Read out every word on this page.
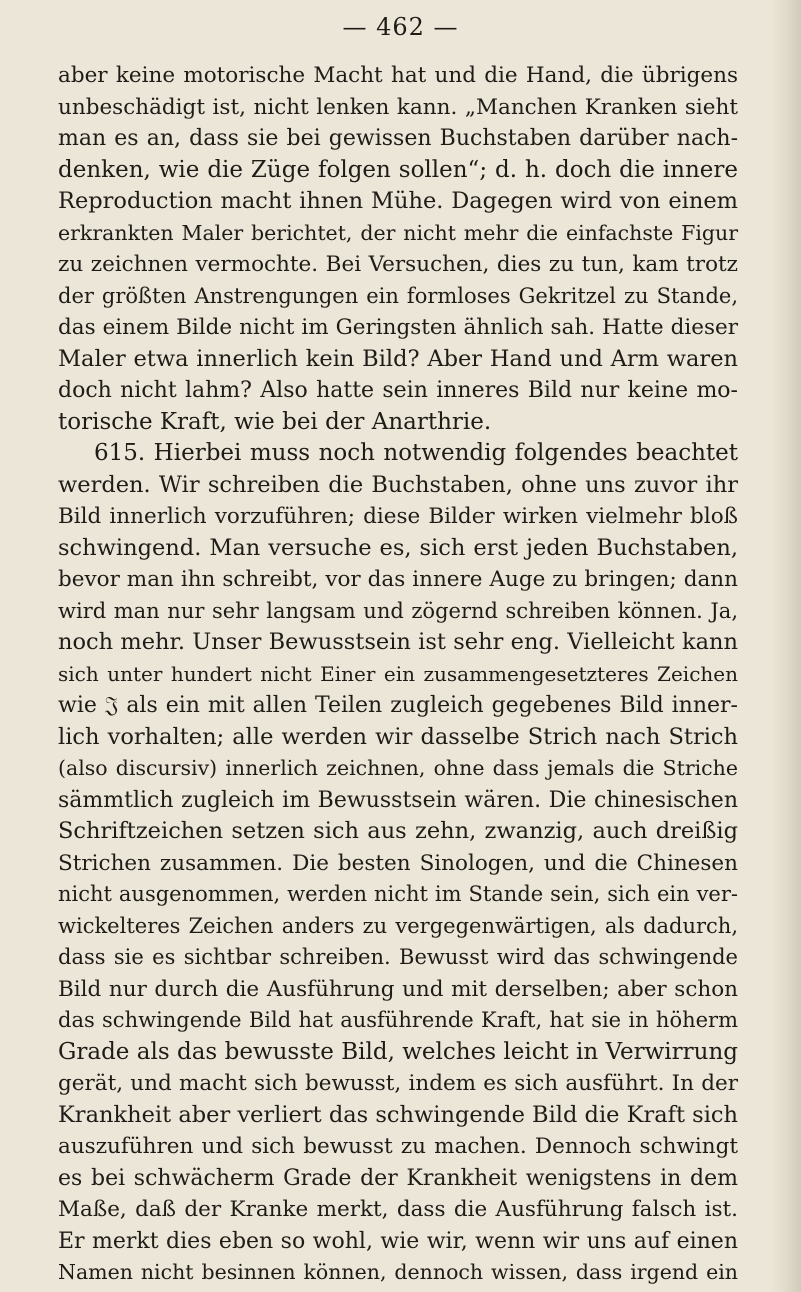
— 462 —
aber keine motorische Macht hat und die Hand, die übrigens
unbeschädigt ist, nicht lenken kann. „Manchen Kranken sieht
man es an, dass sie bei gewissen Buchstaben darüber nach-
denken, wie die Züge folgen sollen“; d. h. doch die innere
Reproduction macht ihnen Mühe. Dagegen wird von einem
erkrankten Maler berichtet, der nicht mehr die einfachste Figur
zu zeichnen vermochte. Bei Versuchen, dies zu tun, kam trotz
der größten Anstrengungen ein formloses Gekritzel zu Stande,
das einem Bilde nicht im Geringsten ähnlich sah. Hatte dieser
Maler etwa innerlich kein Bild? Aber Hand und Arm waren
doch nicht lahm? Also hatte sein inneres Bild nur keine mo-
torische Kraft, wie bei der Anarthrie.
615. Hierbei muss noch notwendig folgendes beachtet
werden. Wir schreiben die Buchstaben, ohne uns zuvor ihr
Bild innerlich vorzuführen; diese Bilder wirken vielmehr bloß
schwingend. Man versuche es, sich erst jeden Buchstaben,
bevor man ihn schreibt, vor das innere Auge zu bringen; dann
wird man nur sehr langsam und zögernd schreiben können. Ja,
noch mehr. Unser Bewusstsein ist sehr eng. Vielleicht kann
sich unter hundert nicht Einer ein zusammengesetzteres Zeichen
wie 𝔍 als ein mit allen Teilen zugleich gegebenes Bild inner-
lich vorhalten; alle werden wir dasselbe Strich nach Strich
(also discursiv) innerlich zeichnen, ohne dass jemals die Striche
sämmtlich zugleich im Bewusstsein wären. Die chinesischen
Schriftzeichen setzen sich aus zehn, zwanzig, auch dreißig
Strichen zusammen. Die besten Sinologen, und die Chinesen
nicht ausgenommen, werden nicht im Stande sein, sich ein ver-
wickelteres Zeichen anders zu vergegenwärtigen, als dadurch,
dass sie es sichtbar schreiben. Bewusst wird das schwingende
Bild nur durch die Ausführung und mit derselben; aber schon
das schwingende Bild hat ausführende Kraft, hat sie in höherm
Grade als das bewusste Bild, welches leicht in Verwirrung
gerät, und macht sich bewusst, indem es sich ausführt. In der
Krankheit aber verliert das schwingende Bild die Kraft sich
auszuführen und sich bewusst zu machen. Dennoch schwingt
es bei schwächerm Grade der Krankheit wenigstens in dem
Maße, daß der Kranke merkt, dass die Ausführung falsch ist.
Er merkt dies eben so wohl, wie wir, wenn wir uns auf einen
Namen nicht besinnen können, dennoch wissen, dass irgend ein
